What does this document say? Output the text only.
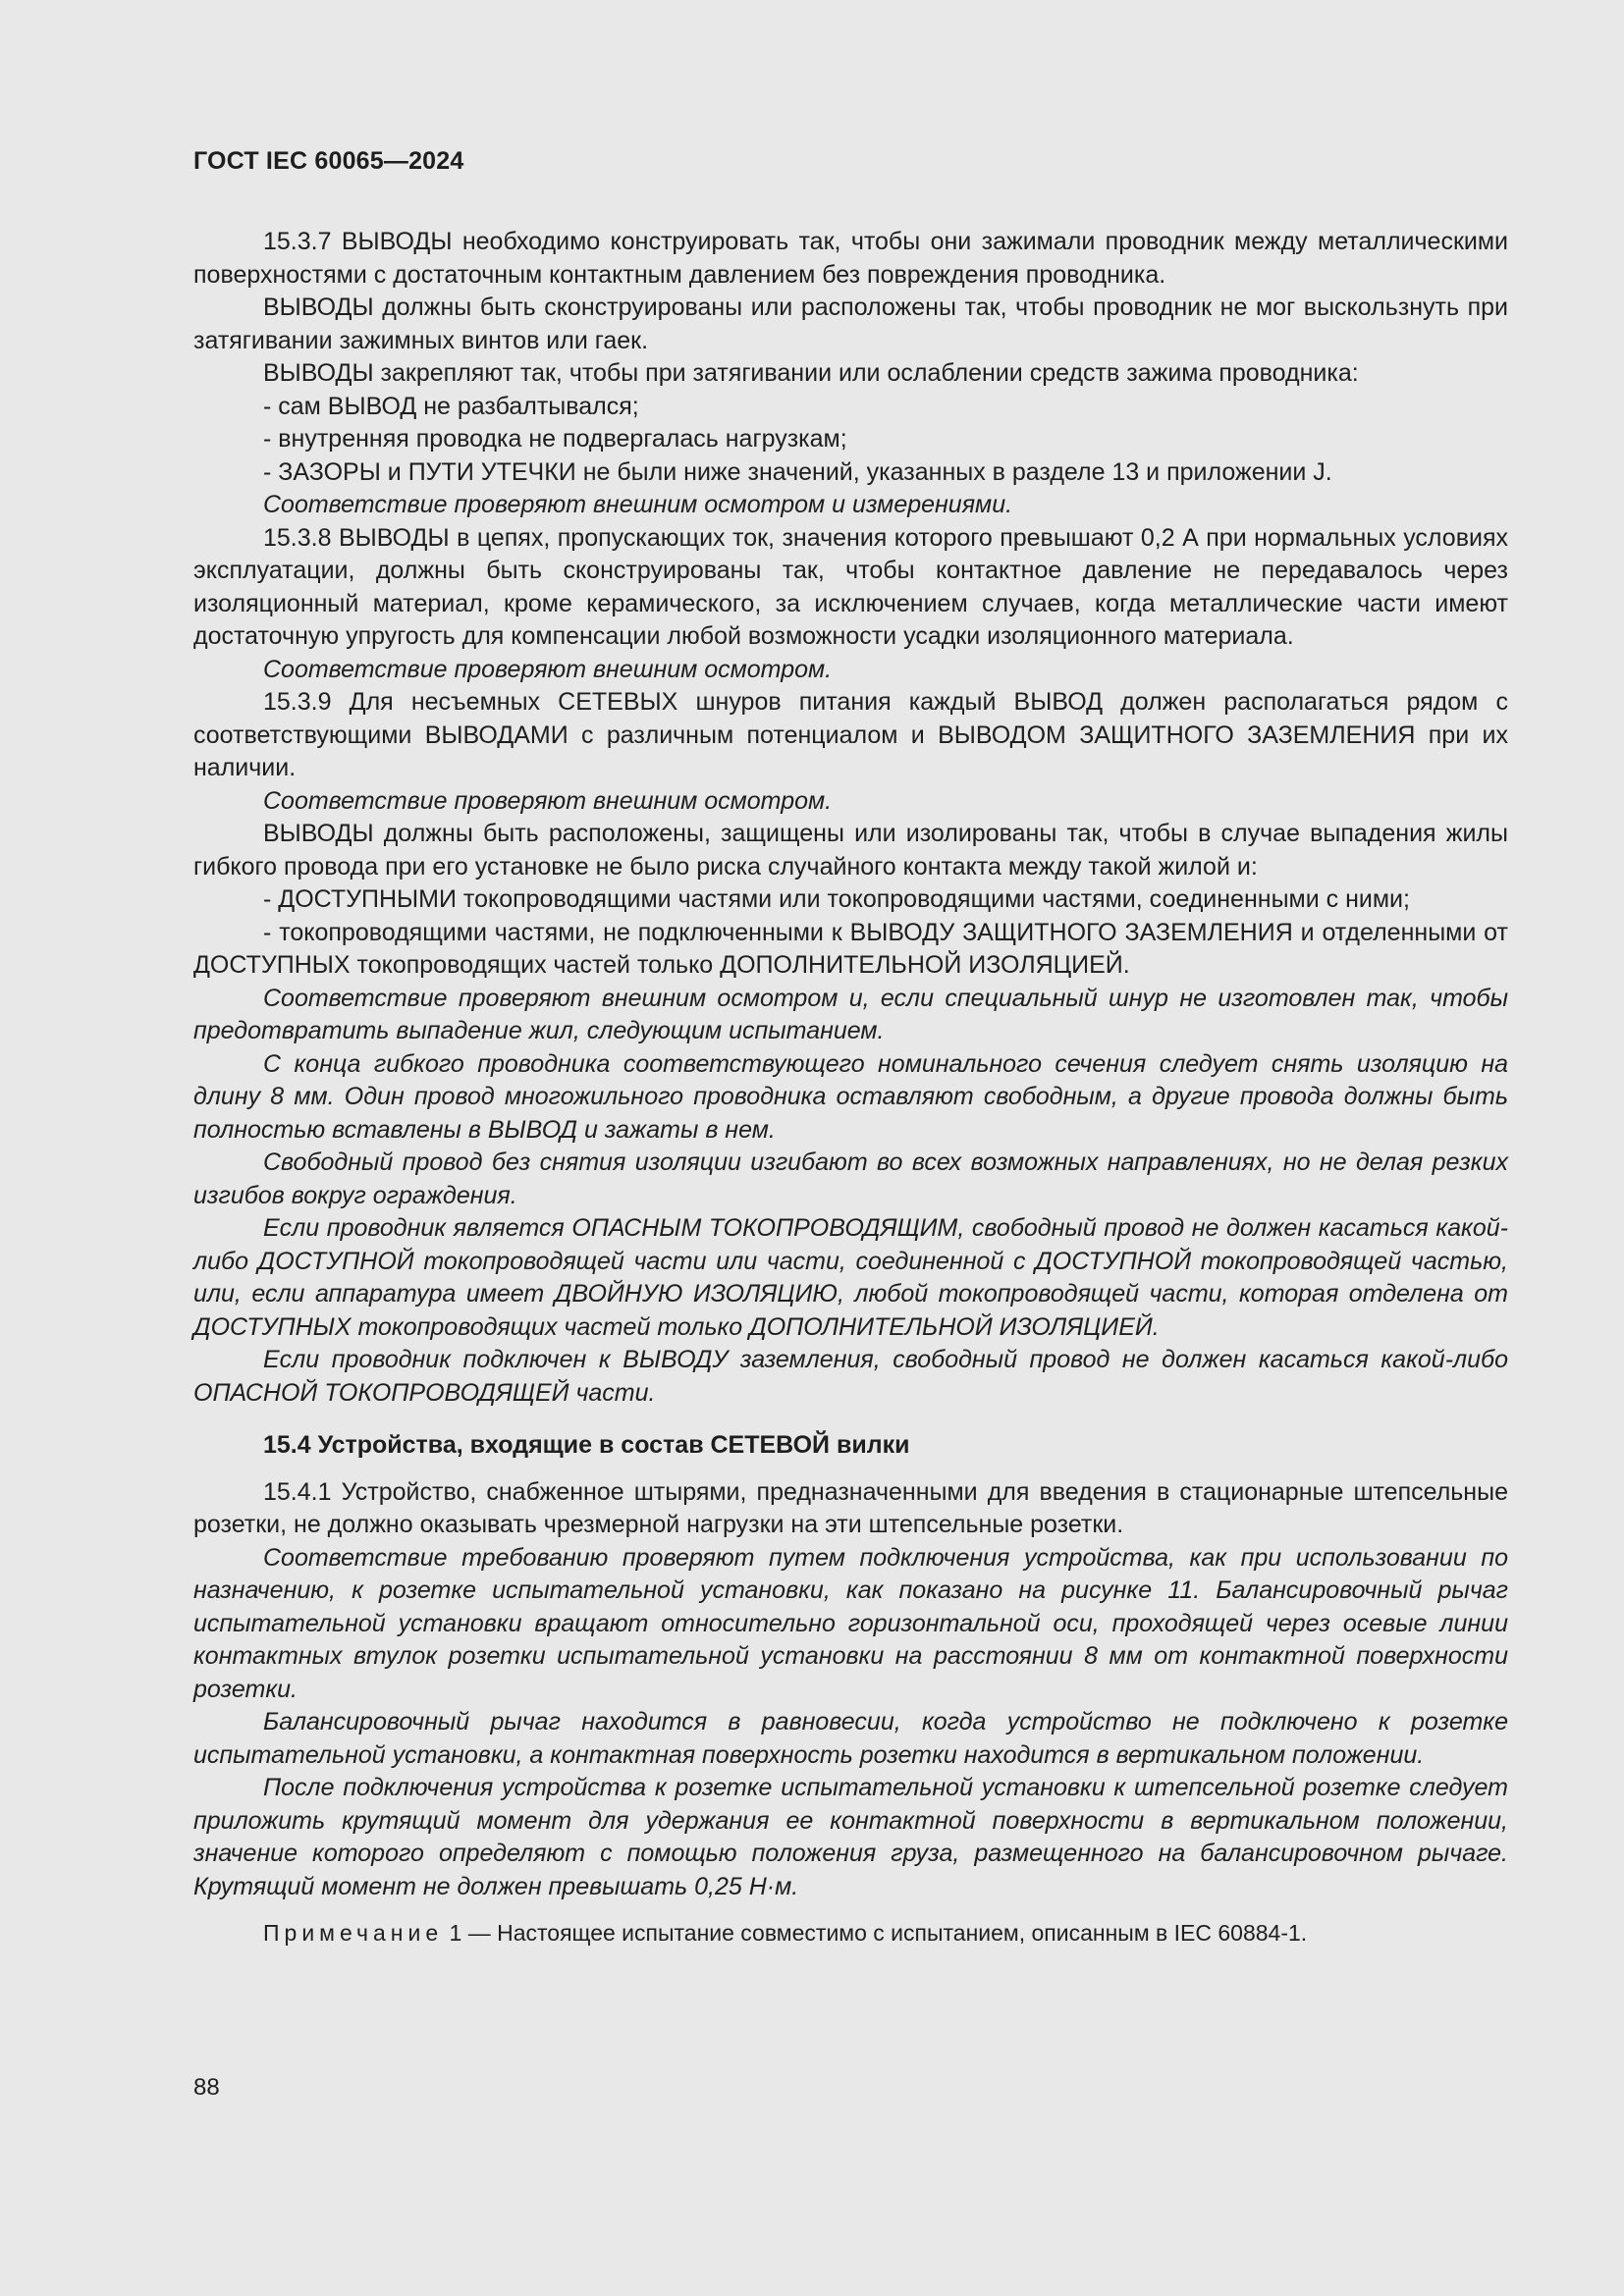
ГОСТ IEC 60065—2024

15.3.7 ВЫВОДЫ необходимо конструировать так, чтобы они зажимали проводник между металлическими поверхностями с достаточным контактным давлением без повреждения проводника.

ВЫВОДЫ должны быть сконструированы или расположены так, чтобы проводник не мог выскользнуть при затягивании зажимных винтов или гаек.

ВЫВОДЫ закрепляют так, чтобы при затягивании или ослаблении средств зажима проводника:

- сам ВЫВОД не разбалтывался;

- внутренняя проводка не подвергалась нагрузкам;

- ЗАЗОРЫ и ПУТИ УТЕЧКИ не были ниже значений, указанных в разделе 13 и приложении J.

Соответствие проверяют внешним осмотром и измерениями.

15.3.8 ВЫВОДЫ в цепях, пропускающих ток, значения которого превышают 0,2 А при нормальных условиях эксплуатации, должны быть сконструированы так, чтобы контактное давление не передавалось через изоляционный материал, кроме керамического, за исключением случаев, когда металлические части имеют достаточную упругость для компенсации любой возможности усадки изоляционного материала.

Соответствие проверяют внешним осмотром.

15.3.9 Для несъемных СЕТЕВЫХ шнуров питания каждый ВЫВОД должен располагаться рядом с соответствующими ВЫВОДАМИ с различным потенциалом и ВЫВОДОМ ЗАЩИТНОГО ЗАЗЕМЛЕНИЯ при их наличии.

Соответствие проверяют внешним осмотром.

ВЫВОДЫ должны быть расположены, защищены или изолированы так, чтобы в случае выпадения жилы гибкого провода при его установке не было риска случайного контакта между такой жилой и:

- ДОСТУПНЫМИ токопроводящими частями или токопроводящими частями, соединенными с ними;

- токопроводящими частями, не подключенными к ВЫВОДУ ЗАЩИТНОГО ЗАЗЕМЛЕНИЯ и отделенными от ДОСТУПНЫХ токопроводящих частей только ДОПОЛНИТЕЛЬНОЙ ИЗОЛЯЦИЕЙ.

Соответствие проверяют внешним осмотром и, если специальный шнур не изготовлен так, чтобы предотвратить выпадение жил, следующим испытанием.

С конца гибкого проводника соответствующего номинального сечения следует снять изоляцию на длину 8 мм. Один провод многожильного проводника оставляют свободным, а другие провода должны быть полностью вставлены в ВЫВОД и зажаты в нем.

Свободный провод без снятия изоляции изгибают во всех возможных направлениях, но не делая резких изгибов вокруг ограждения.

Если проводник является ОПАСНЫМ ТОКОПРОВОДЯЩИМ, свободный провод не должен касаться какой-либо ДОСТУПНОЙ токопроводящей части или части, соединенной с ДОСТУПНОЙ токопроводящей частью, или, если аппаратура имеет ДВОЙНУЮ ИЗОЛЯЦИЮ, любой токопроводящей части, которая отделена от ДОСТУПНЫХ токопроводящих частей только ДОПОЛНИТЕЛЬНОЙ ИЗОЛЯЦИЕЙ.

Если проводник подключен к ВЫВОДУ заземления, свободный провод не должен касаться какой-либо ОПАСНОЙ ТОКОПРОВОДЯЩЕЙ части.

15.4 Устройства, входящие в состав СЕТЕВОЙ вилки

15.4.1 Устройство, снабженное штырями, предназначенными для введения в стационарные штепсельные розетки, не должно оказывать чрезмерной нагрузки на эти штепсельные розетки.

Соответствие требованию проверяют путем подключения устройства, как при использовании по назначению, к розетке испытательной установки, как показано на рисунке 11. Балансировочный рычаг испытательной установки вращают относительно горизонтальной оси, проходящей через осевые линии контактных втулок розетки испытательной установки на расстоянии 8 мм от контактной поверхности розетки.

Балансировочный рычаг находится в равновесии, когда устройство не подключено к розетке испытательной установки, а контактная поверхность розетки находится в вертикальном положении.

После подключения устройства к розетке испытательной установки к штепсельной розетке следует приложить крутящий момент для удержания ее контактной поверхности в вертикальном положении, значение которого определяют с помощью положения груза, размещенного на балансировочном рычаге. Крутящий момент не должен превышать 0,25 Н·м.

Примечание 1 — Настоящее испытание совместимо с испытанием, описанным в IEC 60884-1.

88
